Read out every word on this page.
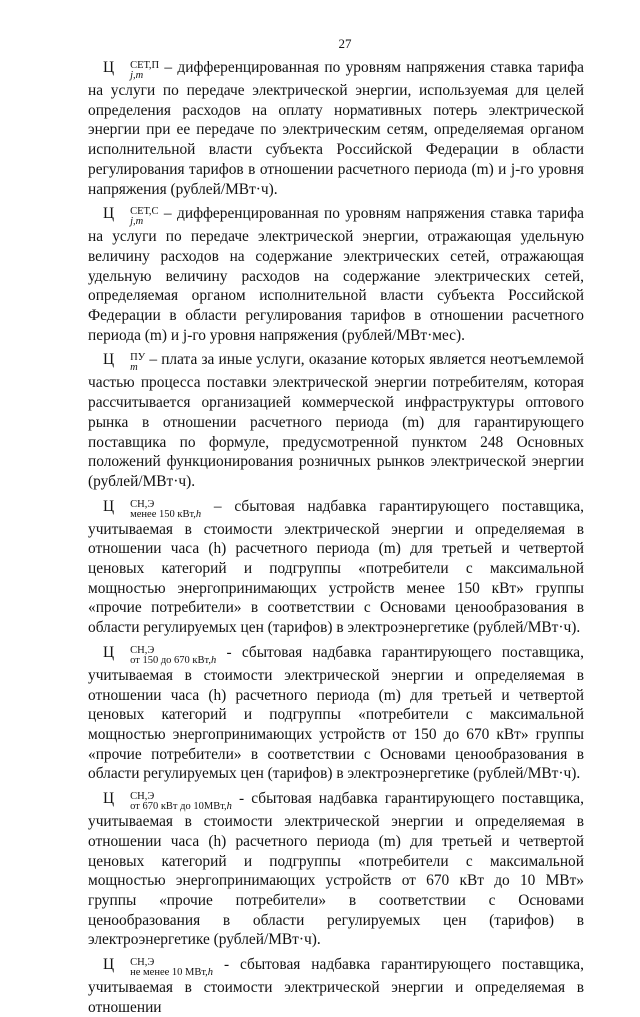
27

Ц	СЕТ,П
j,m	– дифференцированная по уровням напряжения ставка тарифа на услуги по передаче электрической энергии, используемая для целей определения расходов на оплату нормативных потерь электрической энергии при ее передаче по электрическим сетям, определяемая органом исполнительной власти субъекта Российской Федерации в области регулирования тарифов в отношении расчетного периода (m) и j-го уровня напряжения (рублей/МВт·ч).

Ц	СЕТ,С
j,m – дифференцированная по уровням напряжения ставка тарифа на услуги по передаче электрической энергии, отражающая удельную величину расходов на содержание электрических сетей, отражающая удельную величину расходов на содержание электрических сетей, определяемая органом исполнительной власти субъекта Российской Федерации в области регулирования тарифов в отношении расчетного периода (m) и j-го уровня напряжения (рублей/МВт·мес).

Ц	ПУ
m – плата за иные услуги, оказание которых является неотъемлемой частью процесса поставки электрической энергии потребителям, которая рассчитывается организацией коммерческой инфраструктуры оптового рынка в отношении расчетного периода (m) для гарантирующего поставщика по формуле, предусмотренной пунктом 248 Основных положений функционирования розничных рынков электрической энергии (рублей/МВт·ч).

Ц	СН,Э
менее 150 кВт,h – сбытовая надбавка гарантирующего поставщика, учитываемая в стоимости электрической энергии и определяемая в отношении часа (h) расчетного периода (m) для третьей и четвертой ценовых категорий и подгруппы «потребители с максимальной мощностью энергопринимающих устройств менее 150 кВт» группы «прочие потребители» в соответствии с Основами ценообразования в области регулируемых цен (тарифов) в электроэнергетике (рублей/МВт·ч).

Ц	СН,Э
от 150 до 670 кВт,h - сбытовая надбавка гарантирующего поставщика, учитываемая в стоимости электрической энергии и определяемая в отношении часа (h) расчетного периода (m) для третьей и четвертой ценовых категорий и подгруппы «потребители с максимальной мощностью энергопринимающих устройств от 150 до 670 кВт» группы «прочие потребители» в соответствии с Основами ценообразования в области регулируемых цен (тарифов) в электроэнергетике (рублей/МВт·ч).

Ц	СН,Э
от 670 кВт до 10МВт,h - сбытовая надбавка гарантирующего поставщика, учитываемая в стоимости электрической энергии и определяемая в отношении часа (h) расчетного периода (m) для третьей и четвертой ценовых категорий и подгруппы «потребители с максимальной мощностью энергопринимающих устройств от 670 кВт до 10 МВт» группы «прочие потребители» в соответствии с Основами ценообразования в области регулируемых цен (тарифов) в электроэнергетике (рублей/МВт·ч).

Ц	СН,Э
не менее 10 МВт,h - сбытовая надбавка гарантирующего поставщика, учитываемая в стоимости электрической энергии и определяемая в отношении
